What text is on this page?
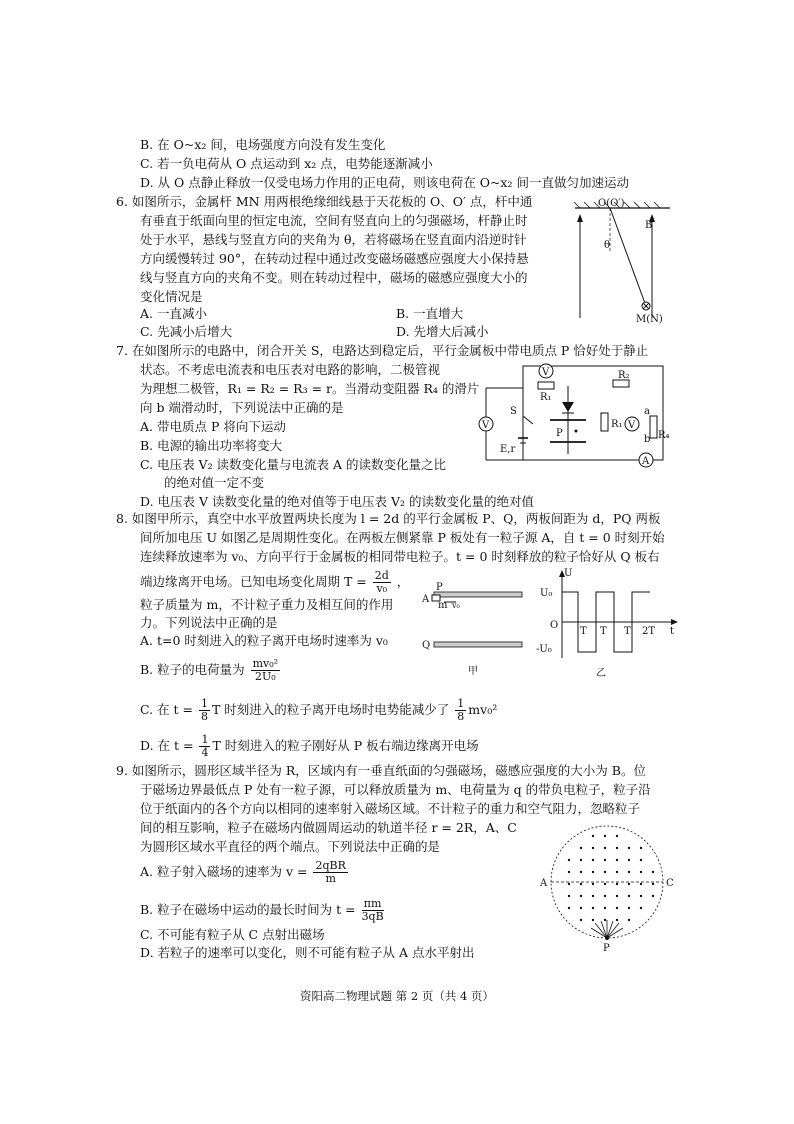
B. 在 O~x₂ 间，电场强度方向没有发生变化
C. 若一负电荷从 O 点运动到 x₂ 点，电势能逐渐减小
D. 从 O 点静止释放一仅受电场力作用的正电荷，则该电荷在 O~x₂ 间一直做匀加速运动
6. 如图所示，金属杆 MN 用两根绝缘细线悬于天花板的 O、O′ 点，杆中通
有垂直于纸面向里的恒定电流，空间有竖直向上的匀强磁场，杆静止时
处于水平，悬线与竖直方向的夹角为 θ，若将磁场在竖直面内沿逆时针
方向缓慢转过 90°，在转动过程中通过改变磁场磁感应强度大小保持悬
线与竖直方向的夹角不变。则在转动过程中，磁场的磁感应强度大小的
变化情况是
A. 一直减小	B. 一直增大
C. 先减小后增大	D. 先增大后减小
O(O′)
θ
B
M(N)
7. 在如图所示的电路中，闭合开关 S，电路达到稳定后，平行金属板中带电质点 P 恰好处于静止
状态。不考虑电流表和电压表对电路的影响，二极管视
为理想二极管，R₁ = R₂ = R₃ = r。当滑动变阻器 R₄ 的滑片
向 b 端滑动时，下列说法中正确的是
A. 带电质点 P 将向下运动
B. 电源的输出功率将变大
C. 电压表 V₂ 读数变化量与电流表 A 的读数变化量之比
的绝对值一定不变
D. 电压表 V 读数变化量的绝对值等于电压表 V₂ 的读数变化量的绝对值
V
R₁
P
R₁
R₂
R₄
a
b
V
A
V
S
E,r
8. 如图甲所示，真空中水平放置两块长度为 l = 2d 的平行金属板 P、Q，两板间距为 d，PQ 两板
间所加电压 U 如图乙是周期性变化。在两板左侧紧靠 P 板处有一粒子源 A，自 t = 0 时刻开始
连续释放速率为 v₀、方向平行于金属板的相同带电粒子。t = 0 时刻释放的粒子恰好从 Q 板右
端边缘离开电场。已知电场变化周期 $T = \frac{2d}{\text{v₀}}$ ，
粒子质量为 m，不计粒子重力及相互间的作用
力。下列说法中正确的是
A. t=0 时刻进入的粒子离开电场时速率为 v₀
B. 粒子的电荷量为 $\frac{\text{mv₀²}}{\text{2U₀}}$
C. 在 $t = \frac{1}{8}$ T 时刻进入的粒子离开电场时电势能减少了 $\frac{1}{8} mv_0^2$
D. 在 $t = \frac{1}{4}$ T 时刻进入的粒子刚好从 P 板右端边缘离开电场
P
A
m v₀
Q
甲
U
U₀
O
-U₀
T T T 2T t
乙
9. 如图所示，圆形区域半径为 R，区域内有一垂直纸面的匀强磁场，磁感应强度的大小为 B。位
于磁场边界最低点 P 处有一粒子源，可以释放质量为 m、电荷量为 q 的带负电粒子，粒子沿
位于纸面内的各个方向以相同的速率射入磁场区域。不计粒子的重力和空气阻力，忽略粒子
间的相互影响，粒子在磁场内做圆周运动的轨道半径 r = 2R，A、C
为圆形区域水平直径的两个端点。下列说法中正确的是
A. 粒子射入磁场的速率为 $v = \frac{\text{2qBR}}{m}$
B. 粒子在磁场中运动的最长时间为 $t = \frac{\pi m}{3qB}$
C. 不可能有粒子从 C 点射出磁场
D. 若粒子的速率可以变化，则不可能有粒子从 A 点水平射出
A	C
P
资阳高二物理试题 第 2 页（共 4 页）
